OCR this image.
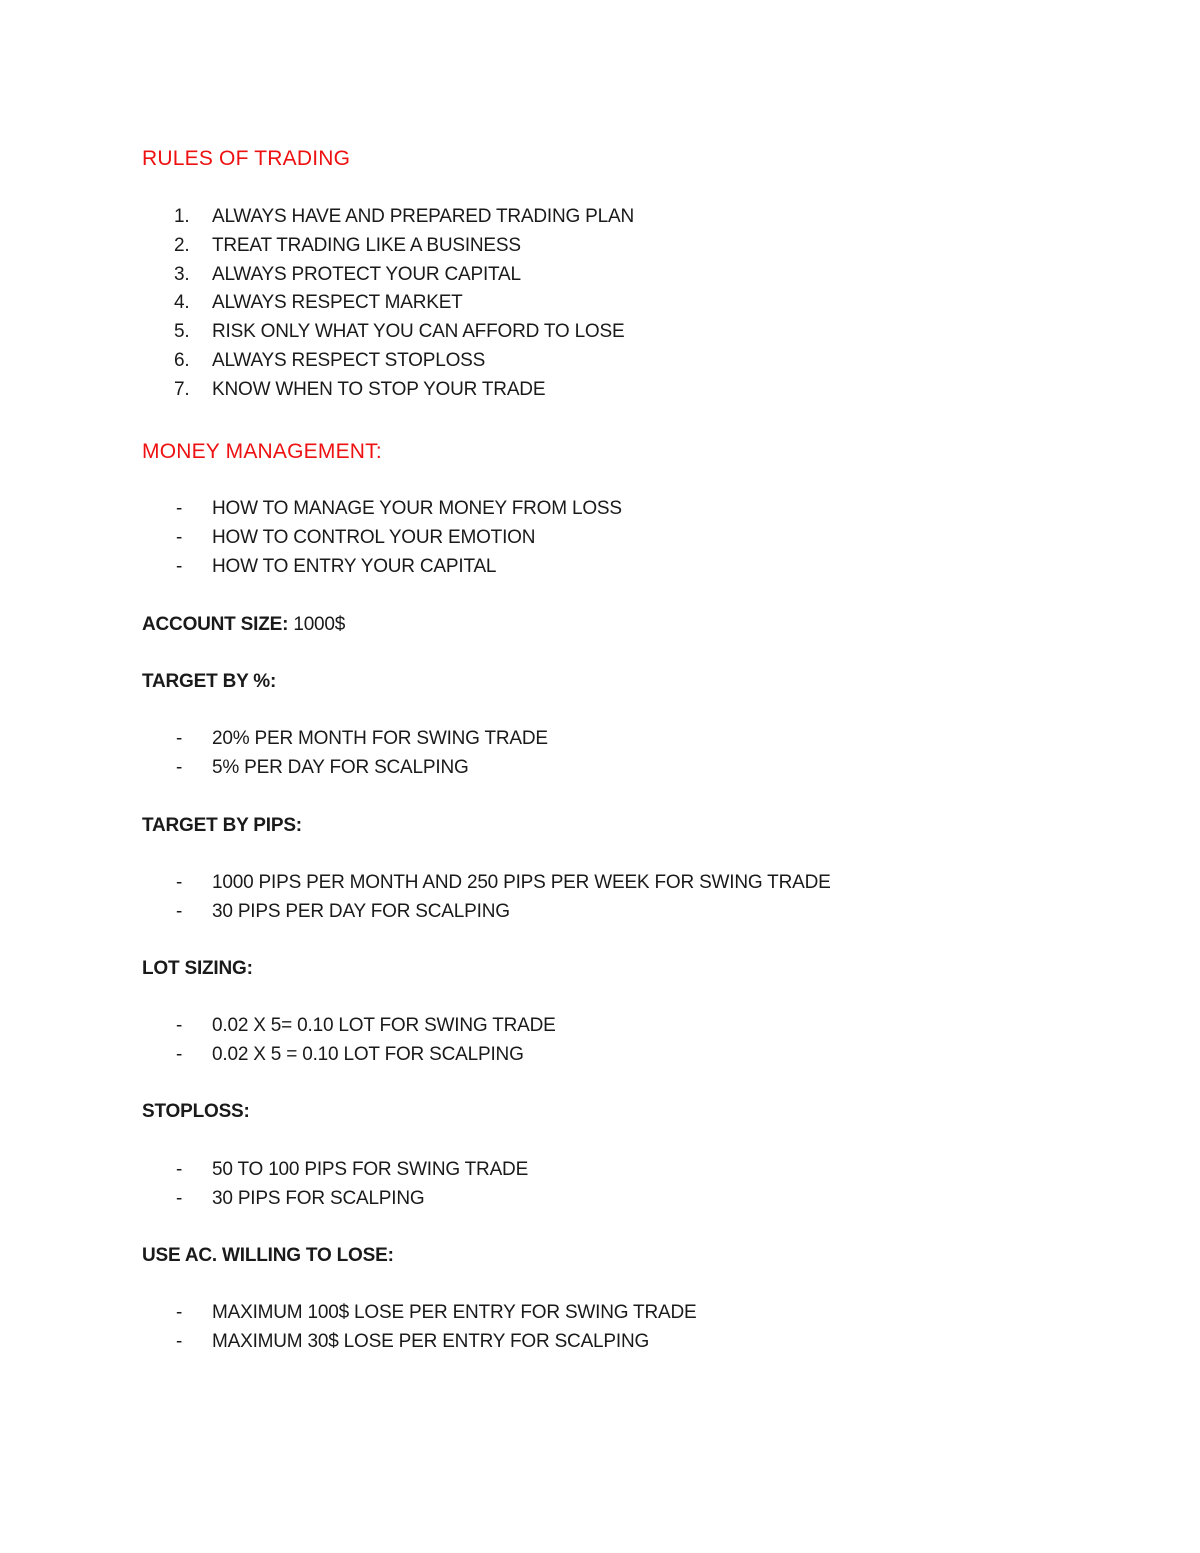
RULES OF TRADING
1.	ALWAYS HAVE AND PREPARED TRADING PLAN
2.	TREAT TRADING LIKE A BUSINESS
3.	ALWAYS PROTECT YOUR CAPITAL
4.	ALWAYS RESPECT MARKET
5.	RISK ONLY WHAT YOU CAN AFFORD TO LOSE
6.	ALWAYS RESPECT STOPLOSS
7.	KNOW WHEN TO STOP YOUR TRADE
MONEY MANAGEMENT:
- HOW TO MANAGE YOUR MONEY FROM LOSS
- HOW TO CONTROL YOUR EMOTION
- HOW TO ENTRY YOUR CAPITAL
ACCOUNT SIZE: 1000$
TARGET BY %:
- 20% PER MONTH FOR SWING TRADE
- 5% PER DAY FOR SCALPING
TARGET BY PIPS:
- 1000 PIPS PER MONTH AND 250 PIPS PER WEEK FOR SWING TRADE
- 30 PIPS PER DAY FOR SCALPING
LOT SIZING:
- 0.02 X 5= 0.10 LOT FOR SWING TRADE
- 0.02 X 5 = 0.10 LOT FOR SCALPING
STOPLOSS:
- 50 TO 100 PIPS FOR SWING TRADE
- 30 PIPS FOR SCALPING
USE AC. WILLING TO LOSE:
- MAXIMUM 100$ LOSE PER ENTRY FOR SWING TRADE
- MAXIMUM 30$ LOSE PER ENTRY FOR SCALPING
